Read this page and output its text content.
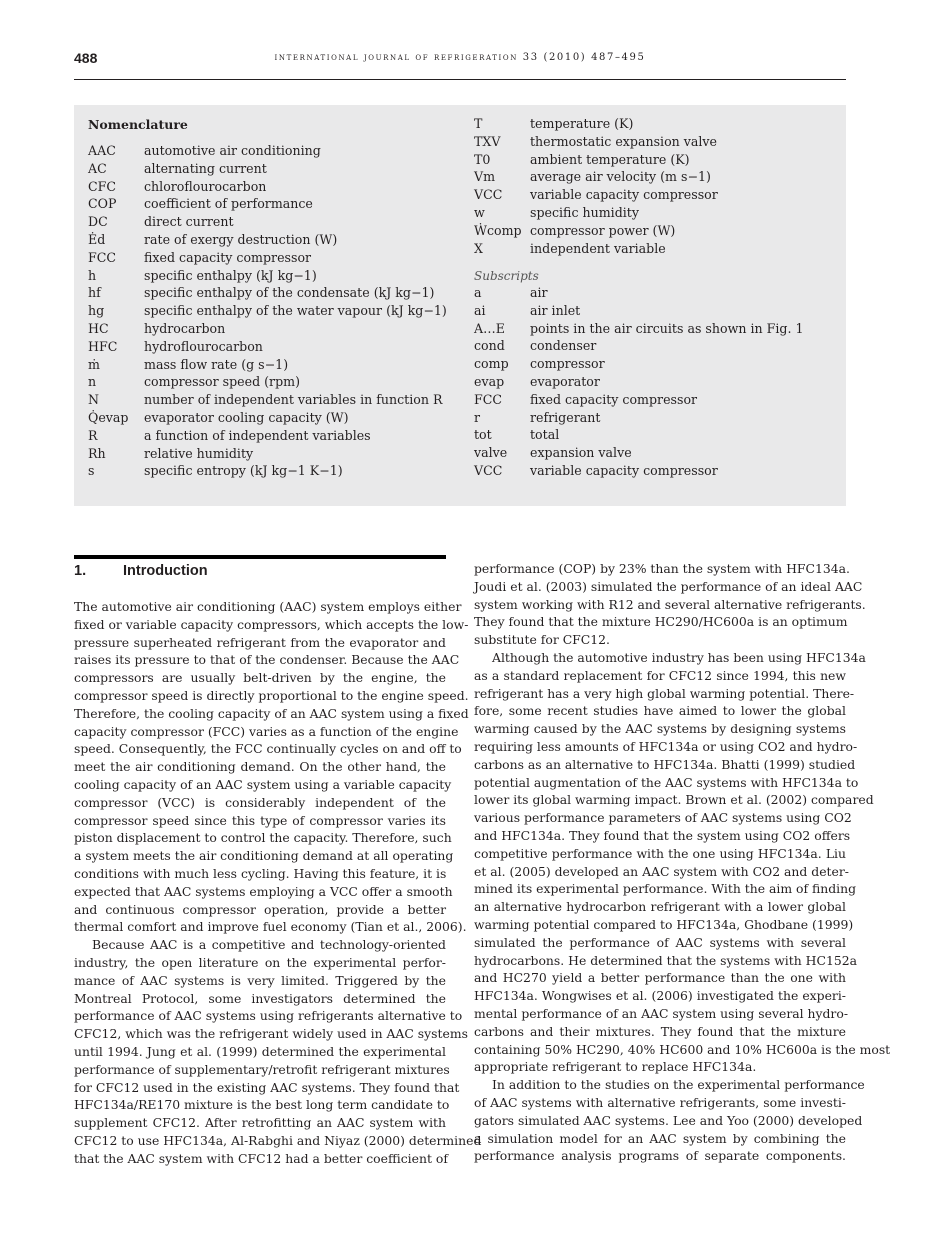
488	international journal of refrigeration 33 (2010) 487–495
Nomenclature
AAC automotive air conditioning
AC	alternating current
CFC chloroflourocarbon
COP coefficient of performance
DC	direct current
Ėd	rate of exergy destruction (W)
FCC fixed capacity compressor
h	specific enthalpy (kJ kg−1)
hf	specific enthalpy of the condensate (kJ kg−1)
hg	specific enthalpy of the water vapour (kJ kg−1)
HC	hydrocarbon
HFC hydroflourocarbon
ṁ	mass flow rate (g s−1)
n	compressor speed (rpm)
N	number of independent variables in function R
Q̇evap evaporator cooling capacity (W)
R	a function of independent variables
Rh	relative humidity
s	specific entropy (kJ kg−1 K−1)
T	temperature (K)
TXV thermostatic expansion valve
T0	ambient temperature (K)
Vm	average air velocity (m s−1)
VCC variable capacity compressor
w	specific humidity
Ẇcomp compressor power (W)
X	independent variable
Subscripts
a	air
ai	air inlet
A…E points in the air circuits as shown in Fig. 1
cond condenser
comp compressor
evap evaporator
FCC fixed capacity compressor
r	refrigerant
tot	total
valve expansion valve
VCC variable capacity compressor
1.	Introduction
The automotive air conditioning (AAC) system employs either
fixed or variable capacity compressors, which accepts the low-
pressure superheated refrigerant from the evaporator and
raises its pressure to that of the condenser. Because the AAC
compressors are usually belt-driven by the engine, the
compressor speed is directly proportional to the engine speed.
Therefore, the cooling capacity of an AAC system using a fixed
capacity compressor (FCC) varies as a function of the engine
speed. Consequently, the FCC continually cycles on and off to
meet the air conditioning demand. On the other hand, the
cooling capacity of an AAC system using a variable capacity
compressor (VCC) is considerably independent of the
compressor speed since this type of compressor varies its
piston displacement to control the capacity. Therefore, such
a system meets the air conditioning demand at all operating
conditions with much less cycling. Having this feature, it is
expected that AAC systems employing a VCC offer a smooth
and continuous compressor operation, provide a better
thermal comfort and improve fuel economy (Tian et al., 2006).
Because AAC is a competitive and technology-oriented
industry, the open literature on the experimental perfor-
mance of AAC systems is very limited. Triggered by the
Montreal Protocol, some investigators determined the
performance of AAC systems using refrigerants alternative to
CFC12, which was the refrigerant widely used in AAC systems
until 1994. Jung et al. (1999) determined the experimental
performance of supplementary/retrofit refrigerant mixtures
for CFC12 used in the existing AAC systems. They found that
HFC134a/RE170 mixture is the best long term candidate to
supplement CFC12. After retrofitting an AAC system with
CFC12 to use HFC134a, Al-Rabghi and Niyaz (2000) determined
that the AAC system with CFC12 had a better coefficient of
performance (COP) by 23% than the system with HFC134a.
Joudi et al. (2003) simulated the performance of an ideal AAC
system working with R12 and several alternative refrigerants.
They found that the mixture HC290/HC600a is an optimum
substitute for CFC12.
Although the automotive industry has been using HFC134a
as a standard replacement for CFC12 since 1994, this new
refrigerant has a very high global warming potential. There-
fore, some recent studies have aimed to lower the global
warming caused by the AAC systems by designing systems
requiring less amounts of HFC134a or using CO2 and hydro-
carbons as an alternative to HFC134a. Bhatti (1999) studied
potential augmentation of the AAC systems with HFC134a to
lower its global warming impact. Brown et al. (2002) compared
various performance parameters of AAC systems using CO2
and HFC134a. They found that the system using CO2 offers
competitive performance with the one using HFC134a. Liu
et al. (2005) developed an AAC system with CO2 and deter-
mined its experimental performance. With the aim of finding
an alternative hydrocarbon refrigerant with a lower global
warming potential compared to HFC134a, Ghodbane (1999)
simulated the performance of AAC systems with several
hydrocarbons. He determined that the systems with HC152a
and HC270 yield a better performance than the one with
HFC134a. Wongwises et al. (2006) investigated the experi-
mental performance of an AAC system using several hydro-
carbons and their mixtures. They found that the mixture
containing 50% HC290, 40% HC600 and 10% HC600a is the most
appropriate refrigerant to replace HFC134a.
In addition to the studies on the experimental performance
of AAC systems with alternative refrigerants, some investi-
gators simulated AAC systems. Lee and Yoo (2000) developed
a simulation model for an AAC system by combining the
performance analysis programs of separate components.
